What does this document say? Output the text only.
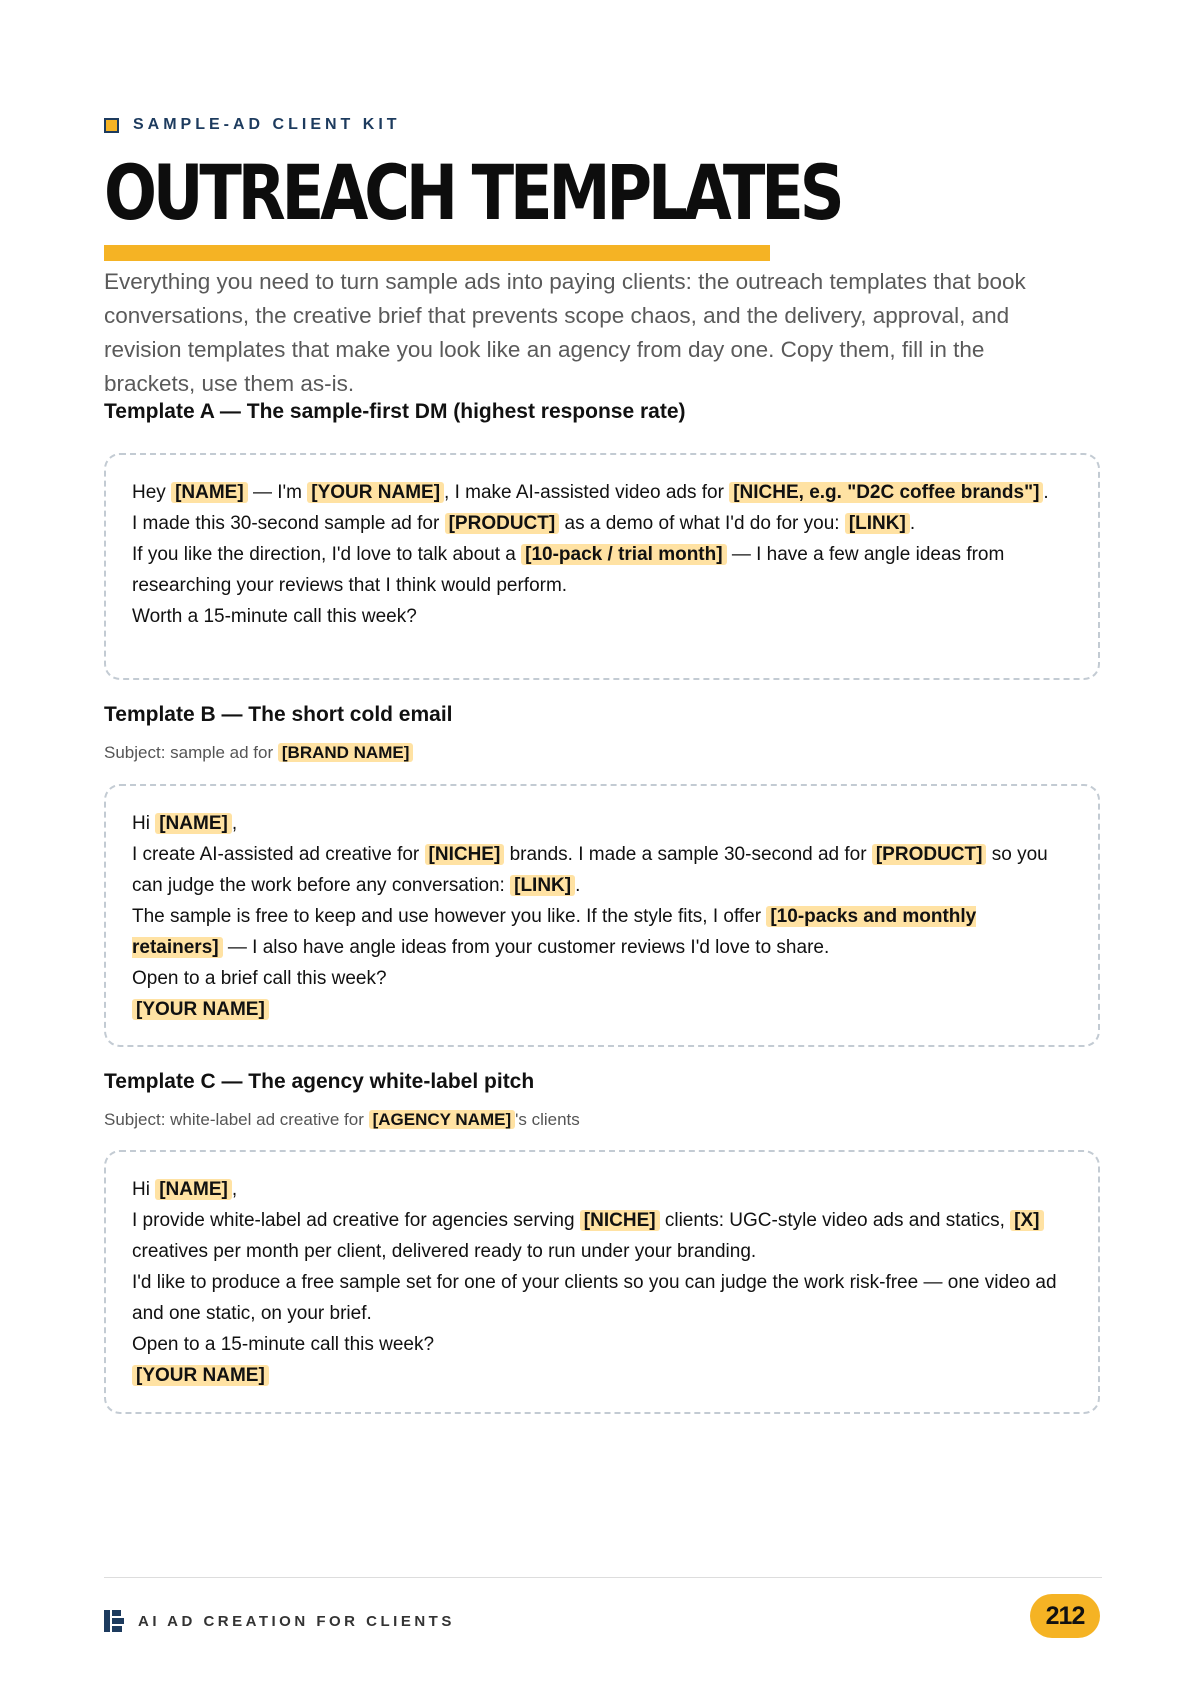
SAMPLE-AD CLIENT KIT
OUTREACH TEMPLATES

Everything you need to turn sample ads into paying clients: the outreach templates that book conversations, the creative brief that prevents scope chaos, and the delivery, approval, and revision templates that make you look like an agency from day one. Copy them, fill in the brackets, use them as-is.

Template A — The sample-first DM (highest response rate)

Hey [NAME] — I'm [YOUR NAME] , I make AI-assisted video ads for [NICHE, e.g. "D2C coffee brands"] .

I made this 30-second sample ad for [PRODUCT] as a demo of what I'd do for you: [LINK] .

If you like the direction, I'd love to talk about a [10-pack / trial month] — I have a few angle ideas from researching your reviews that I think would perform.

Worth a 15-minute call this week?

Template B — The short cold email
Subject: sample ad for [BRAND NAME]

Hi [NAME] ,

I create AI-assisted ad creative for [NICHE] brands. I made a sample 30-second ad for [PRODUCT] so you can judge the work before any conversation: [LINK] .

The sample is free to keep and use however you like. If the style fits, I offer [10-packs and monthly retainers] — I also have angle ideas from your customer reviews I'd love to share.

Open to a brief call this week?

[YOUR NAME]

Template C — The agency white-label pitch
Subject: white-label ad creative for [AGENCY NAME] 's clients

Hi [NAME] ,

I provide white-label ad creative for agencies serving [NICHE] clients: UGC-style video ads and statics, [X] creatives per month per client, delivered ready to run under your branding.

I'd like to produce a free sample set for one of your clients so you can judge the work risk-free — one video ad and one static, on your brief.

Open to a 15-minute call this week?

[YOUR NAME]

AI AD CREATION FOR CLIENTS	212
